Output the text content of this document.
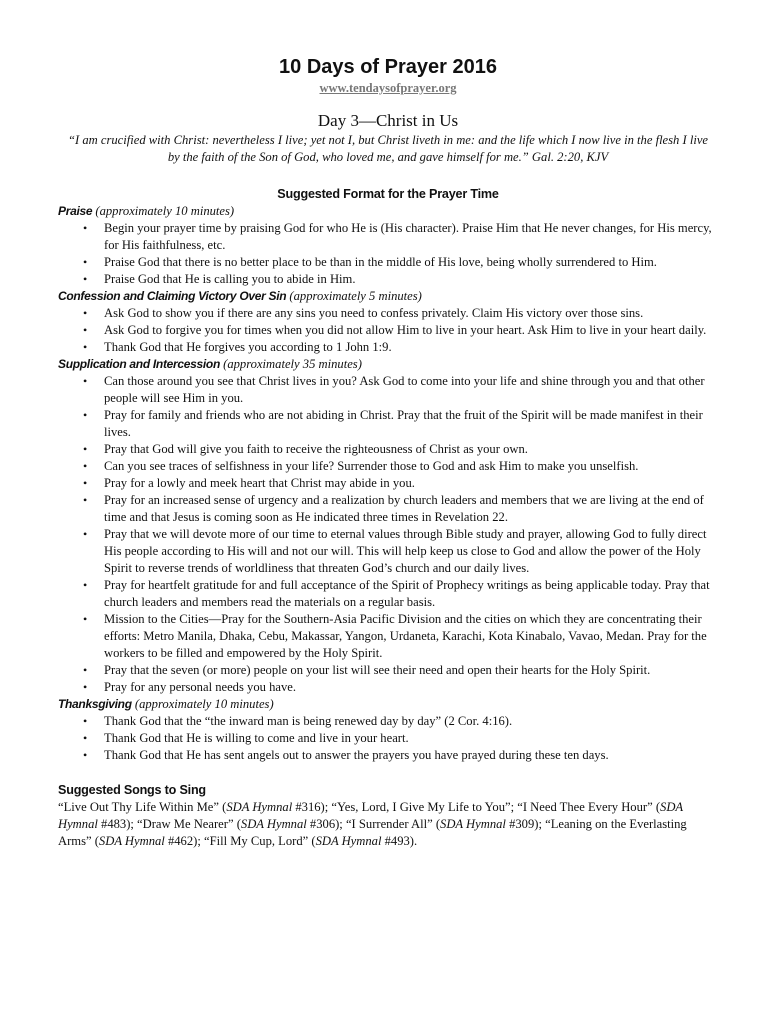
10 Days of Prayer 2016

www.tendaysofprayer.org

Day 3—Christ in Us

“I am crucified with Christ: nevertheless I live; yet not I, but Christ liveth in me: and the life which I now live in the flesh I live by the faith of the Son of God, who loved me, and gave himself for me.” Gal. 2:20, KJV

Suggested Format for the Prayer Time

Praise (approximately 10 minutes)

• Begin your prayer time by praising God for who He is (His character). Praise Him that He never changes, for His mercy, for His faithfulness, etc.
• Praise God that there is no better place to be than in the middle of His love, being wholly surrendered to Him.
• Praise God that He is calling you to abide in Him.

Confession and Claiming Victory Over Sin (approximately 5 minutes)

• Ask God to show you if there are any sins you need to confess privately. Claim His victory over those sins.
• Ask God to forgive you for times when you did not allow Him to live in your heart. Ask Him to live in your heart daily.
• Thank God that He forgives you according to 1 John 1:9.

Supplication and Intercession (approximately 35 minutes)

• Can those around you see that Christ lives in you? Ask God to come into your life and shine through you and that other people will see Him in you.
• Pray for family and friends who are not abiding in Christ. Pray that the fruit of the Spirit will be made manifest in their lives.
• Pray that God will give you faith to receive the righteousness of Christ as your own.
• Can you see traces of selfishness in your life? Surrender those to God and ask Him to make you unselfish.
• Pray for a lowly and meek heart that Christ may abide in you.
• Pray for an increased sense of urgency and a realization by church leaders and members that we are living at the end of time and that Jesus is coming soon as He indicated three times in Revelation 22.
• Pray that we will devote more of our time to eternal values through Bible study and prayer, allowing God to fully direct His people according to His will and not our will. This will help keep us close to God and allow the power of the Holy Spirit to reverse trends of worldliness that threaten God’s church and our daily lives.
• Pray for heartfelt gratitude for and full acceptance of the Spirit of Prophecy writings as being applicable today. Pray that church leaders and members read the materials on a regular basis.
• Mission to the Cities—Pray for the Southern-Asia Pacific Division and the cities on which they are concentrating their efforts: Metro Manila, Dhaka, Cebu, Makassar, Yangon, Urdaneta, Karachi, Kota Kinabalo, Vavao, Medan. Pray for the workers to be filled and empowered by the Holy Spirit.
• Pray that the seven (or more) people on your list will see their need and open their hearts for the Holy Spirit.
• Pray for any personal needs you have.

Thanksgiving (approximately 10 minutes)

• Thank God that the “the inward man is being renewed day by day” (2 Cor. 4:16).
• Thank God that He is willing to come and live in your heart.
• Thank God that He has sent angels out to answer the prayers you have prayed during these ten days.

Suggested Songs to Sing

“Live Out Thy Life Within Me” (SDA Hymnal #316); “Yes, Lord, I Give My Life to You”; “I Need Thee Every Hour” (SDA Hymnal #483); “Draw Me Nearer” (SDA Hymnal #306); “I Surrender All” (SDA Hymnal #309); “Leaning on the Everlasting Arms” (SDA Hymnal #462); “Fill My Cup, Lord” (SDA Hymnal #493).
